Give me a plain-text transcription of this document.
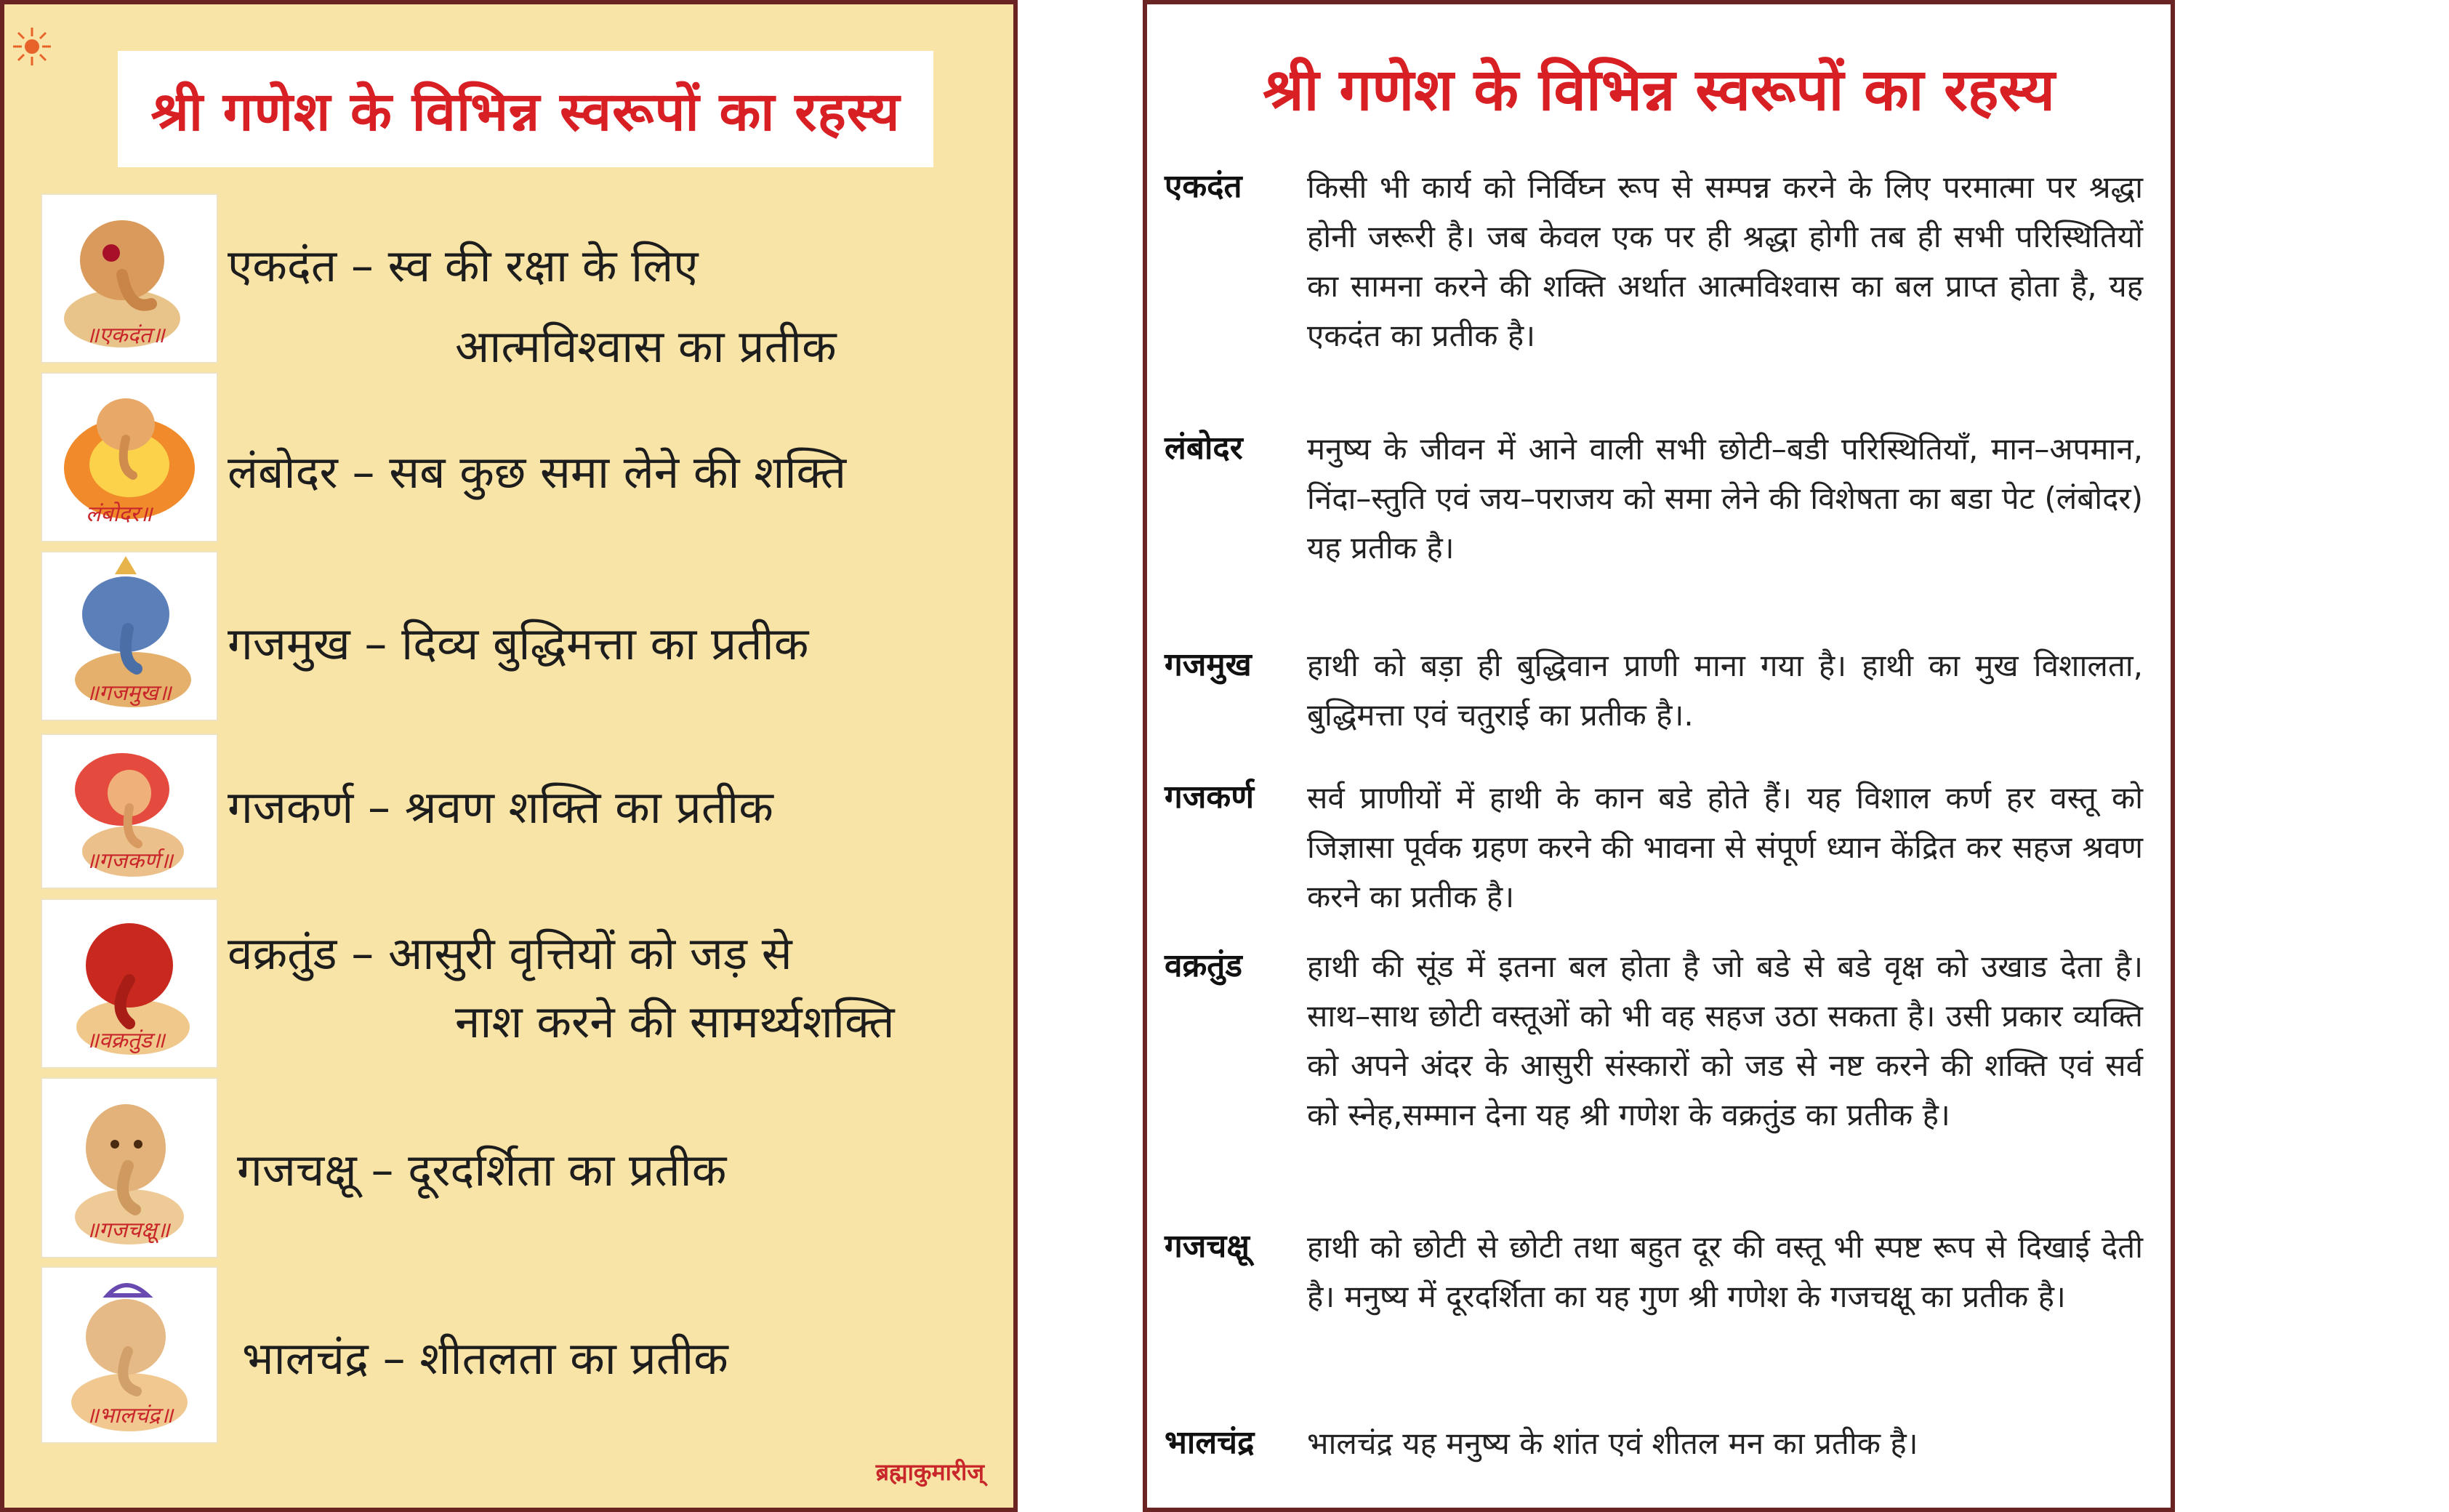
श्री गणेश के विभिन्न स्वरूपों का रहस्य
॥एकदंत॥
एकदंत – स्व की रक्षा के लिए
आत्मविश्वास का प्रतीक
लंबोदर॥
लंबोदर – सब कुछ समा लेने की शक्ति
॥गजमुख॥
गजमुख – दिव्य बुद्धिमत्ता का प्रतीक
॥गजकर्ण॥
गजकर्ण – श्रवण शक्ति का प्रतीक
॥वक्रतुंड॥
वक्रतुंड – आसुरी वृत्तियों को जड़ से
नाश करने की सामर्थ्यशक्ति
॥गजचक्षू॥
गजचक्षू – दूरदर्शिता का प्रतीक
॥भालचंद्र॥
भालचंद्र – शीतलता का प्रतीक
ब्रह्माकुमारीज्
श्री गणेश के विभिन्न स्वरूपों का रहस्य
एकदंत किसी भी कार्य को निर्विघ्न रूप से सम्पन्न करने के लिए परमात्मा पर श्रद्धा होनी जरूरी है। जब केवल एक पर ही श्रद्धा होगी तब ही सभी परिस्थितियों का सामना करने की शक्ति अर्थात आत्मविश्वास का बल प्राप्त होता है, यह एकदंत का प्रतीक है।
लंबोदर मनुष्य के जीवन में आने वाली सभी छोटी–बडी परिस्थितियाँ, मान–अपमान, निंदा–स्तुति एवं जय–पराजय को समा लेने की विशेषता का बडा पेट (लंबोदर) यह प्रतीक है।
गजमुख हाथी को बड़ा ही बुद्धिवान प्राणी माना गया है। हाथी का मुख विशालता, बुद्धिमत्ता एवं चतुराई का प्रतीक है।.
गजकर्ण सर्व प्राणीयों में हाथी के कान बडे होते हैं। यह विशाल कर्ण हर वस्तू को जिज्ञासा पूर्वक ग्रहण करने की भावना से संपूर्ण ध्यान केंद्रित कर सहज श्रवण करने का प्रतीक है।
वक्रतुंड हाथी की सूंड में इतना बल होता है जो बडे से बडे वृक्ष को उखाड देता है। साथ–साथ छोटी वस्तूओं को भी वह सहज उठा सकता है। उसी प्रकार व्यक्ति को अपने अंदर के आसुरी संस्कारों को जड से नष्ट करने की शक्ति एवं सर्व को स्नेह,सम्मान देना यह श्री गणेश के वक्रतुंड का प्रतीक है।
गजचक्षू हाथी को छोटी से छोटी तथा बहुत दूर की वस्तू भी स्पष्ट रूप से दिखाई देती है। मनुष्य में दूरदर्शिता का यह गुण श्री गणेश के गजचक्षू का प्रतीक है।
भालचंद्र भालचंद्र यह मनुष्य के शांत एवं शीतल मन का प्रतीक है।
